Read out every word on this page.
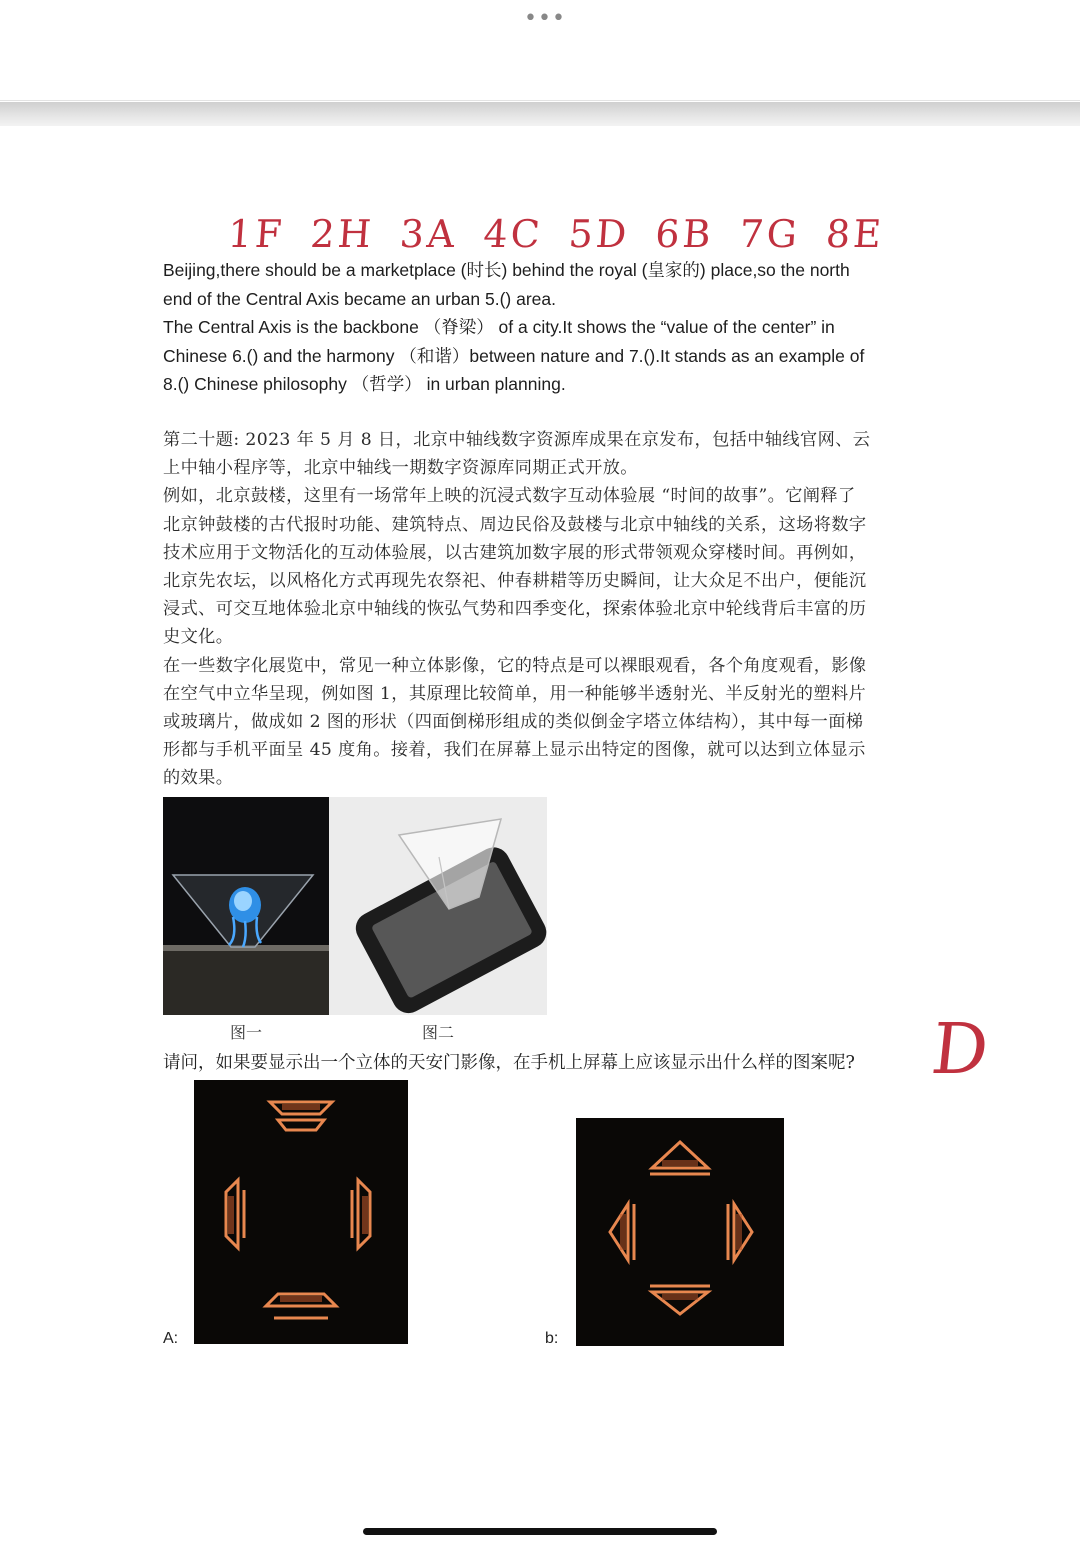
•••
1F 2H 3A 4C 5D 6B 7G 8E
Beijing,there should be a marketplace (时长) behind the royal (皇家的) place,so the north
end of the Central Axis became an urban 5.() area.
The Central Axis is the backbone （脊梁） of a city.It shows the “value of the center” in
Chinese 6.() and the harmony （和谐）between nature and 7.().It stands as an example of
8.() Chinese philosophy （哲学） in urban planning.
第二十题: 2023 年 5 月 8 日，北京中轴线数字资源库成果在京发布，包括中轴线官网、云
上中轴小程序等，北京中轴线一期数字资源库同期正式开放。
例如，北京鼓楼，这里有一场常年上映的沉浸式数字互动体验展 “时间的故事”。它阐释了
北京钟鼓楼的古代报时功能、建筑特点、周边民俗及鼓楼与北京中轴线的关系，这场将数字
技术应用于文物活化的互动体验展，以古建筑加数字展的形式带领观众穿楼时间。再例如，
北京先农坛，以风格化方式再现先农祭祀、仲春耕耤等历史瞬间，让大众足不出户，便能沉
浸式、可交互地体验北京中轴线的恢弘气势和四季变化，探索体验北京中轮线背后丰富的历
史文化。
在一些数字化展览中，常见一种立体影像，它的特点是可以裸眼观看，各个角度观看，影像
在空气中立华呈现，例如图 1，其原理比较简单，用一种能够半透射光、半反射光的塑料片
或玻璃片，做成如 2 图的形状（四面倒梯形组成的类似倒金字塔立体结构），其中每一面梯
形都与手机平面呈 45 度角。接着，我们在屏幕上显示出特定的图像，就可以达到立体显示
的效果。
图一	图二
请问，如果要显示出一个立体的天安门影像，在手机上屏幕上应该显示出什么样的图案呢? D
A:	b:
